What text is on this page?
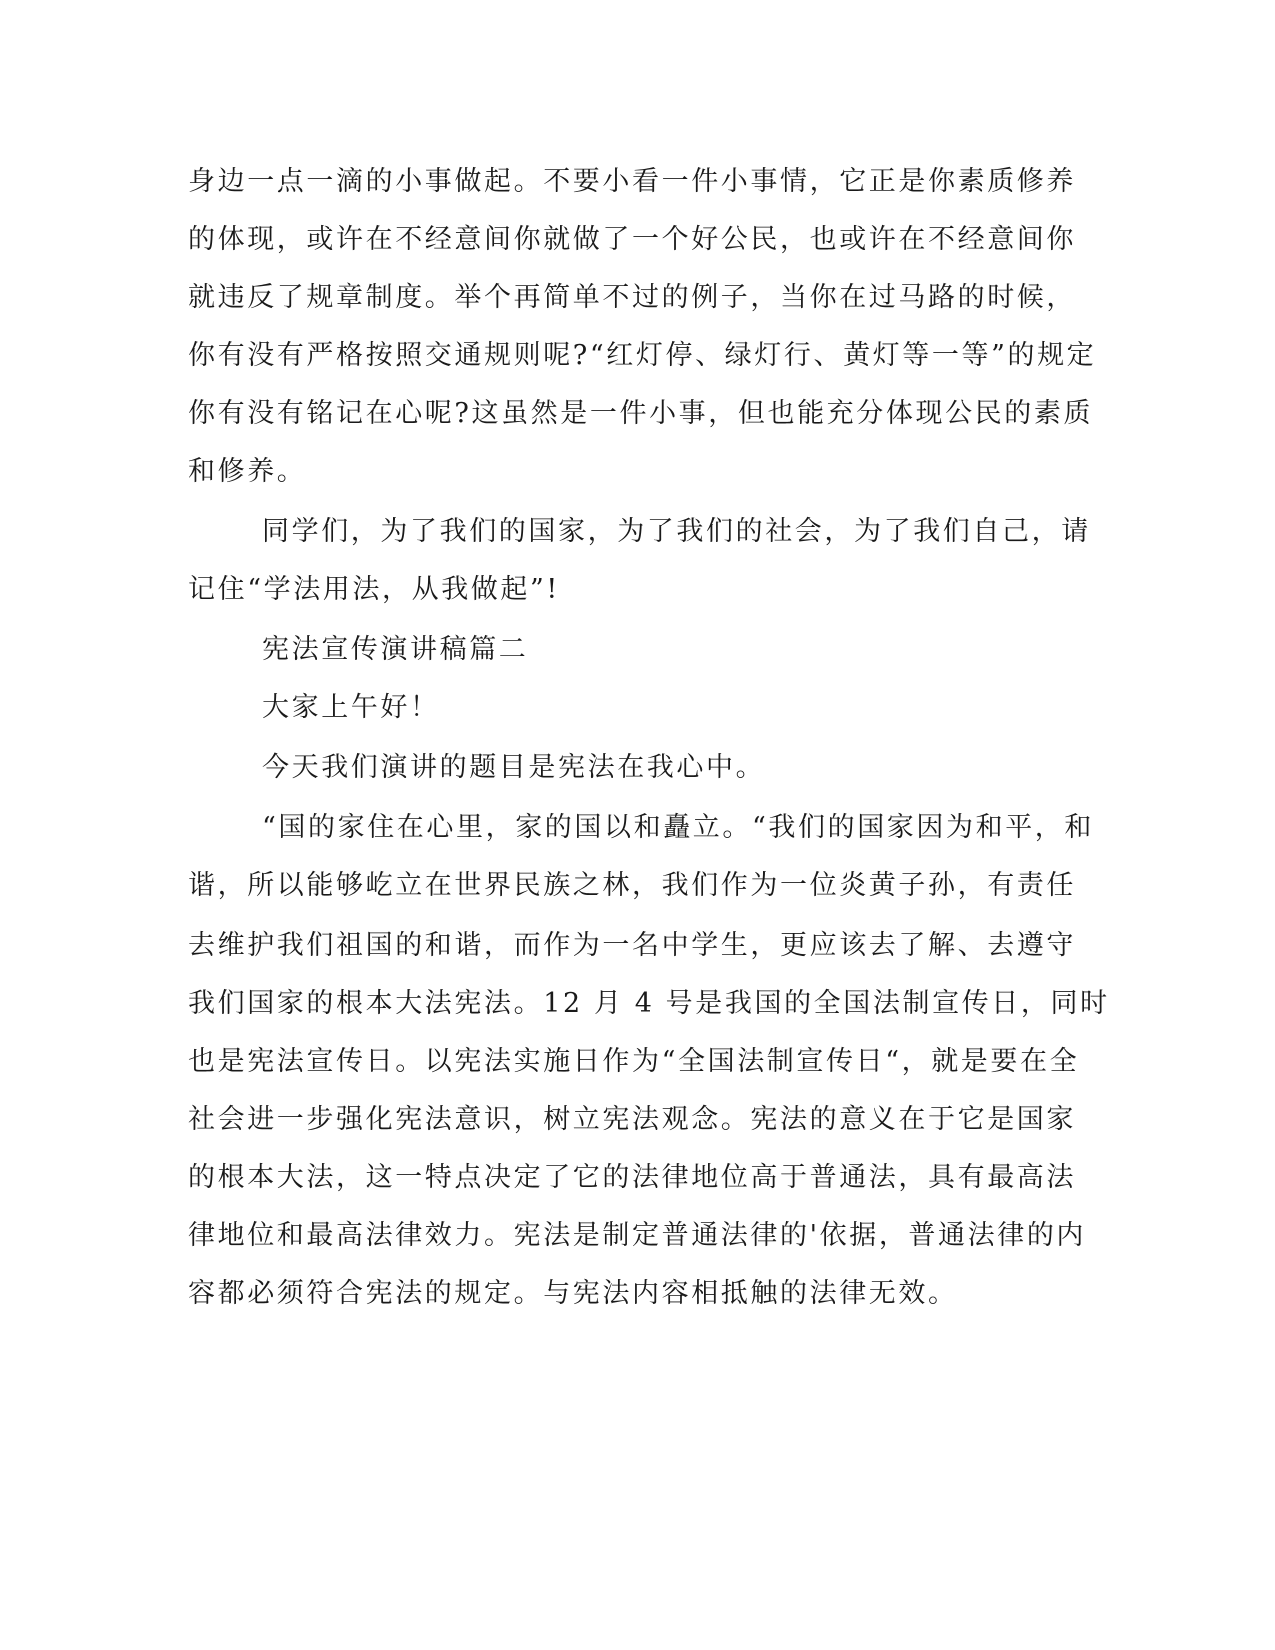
身边一点一滴的小事做起。不要小看一件小事情，它正是你素质修养
的体现，或许在不经意间你就做了一个好公民，也或许在不经意间你
就违反了规章制度。举个再简单不过的例子，当你在过马路的时候，
你有没有严格按照交通规则呢?“红灯停、绿灯行、黄灯等一等”的规定
你有没有铭记在心呢?这虽然是一件小事，但也能充分体现公民的素质
和修养。
同学们，为了我们的国家，为了我们的社会，为了我们自己，请
记住“学法用法，从我做起”!
宪法宣传演讲稿篇二
大家上午好！
今天我们演讲的题目是宪法在我心中。
“国的家住在心里，家的国以和矗立。“我们的国家因为和平，和
谐，所以能够屹立在世界民族之林，我们作为一位炎黄子孙，有责任
去维护我们祖国的和谐，而作为一名中学生，更应该去了解、去遵守
我们国家的根本大法宪法。12 月 4 号是我国的全国法制宣传日，同时
也是宪法宣传日。以宪法实施日作为“全国法制宣传日“，就是要在全
社会进一步强化宪法意识，树立宪法观念。宪法的意义在于它是国家
的根本大法，这一特点决定了它的法律地位高于普通法，具有最高法
律地位和最高法律效力。宪法是制定普通法律的'依据，普通法律的内
容都必须符合宪法的规定。与宪法内容相抵触的法律无效。
